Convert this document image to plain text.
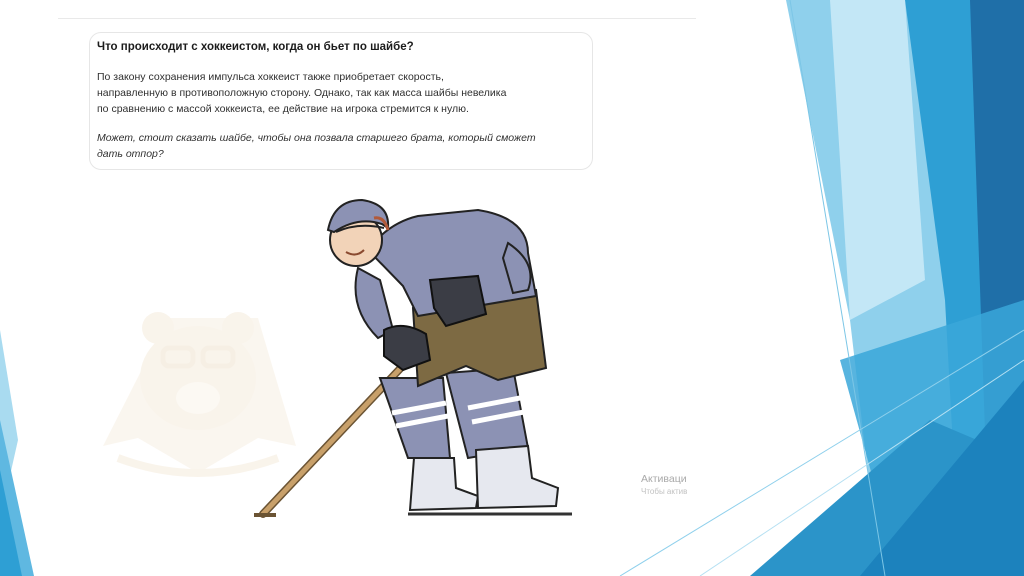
Что происходит с хоккеистом, когда он бьет по шайбе?

По закону сохранения импульса хоккеист также приобретает скорость,
направленную в противоположную сторону. Однако, так как масса шайбы невелика
по сравнению с массой хоккеиста, ее действие на игрока стремится к нулю.

Может, стоит сказать шайбе, чтобы она позвала старшего брата, который сможет
дать отпор?

Активаци
Чтобы актив
